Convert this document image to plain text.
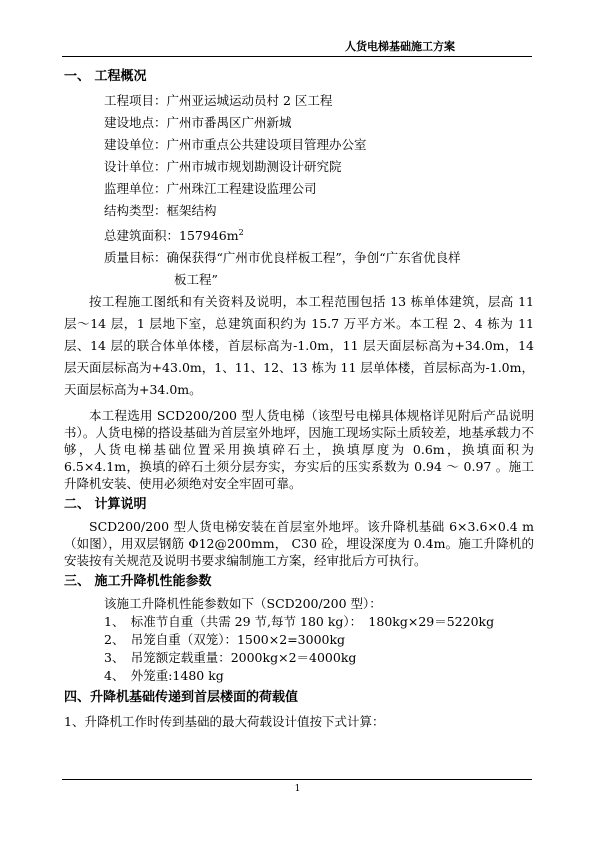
人货电梯基础施工方案
一、 工程概况
工程项目：广州亚运城运动员村 2 区工程
建设地点：广州市番禺区广州新城
建设单位：广州市重点公共建设项目管理办公室
设计单位：广州市城市规划勘测设计研究院
监理单位：广州珠江工程建设监理公司
结构类型：框架结构
总建筑面积：$157946m^2$
质量目标：确保获得“广州市优良样板工程”，争创“广东省优良样
板工程”

按工程施工图纸和有关资料及说明，本工程范围包括 13 栋单体建筑，层高 11 层～14 层，1 层地下室，总建筑面积约为 15.7 万平方米。本工程 2、4 栋为 11 层、14 层的联合体单体楼，首层标高为-1.0m，11 层天面层标高为+34.0m，14 层天面层标高为+43.0m，1、11、12、13 栋为 11 层单体楼，首层标高为-1.0m，天面层标高为+34.0m。

本工程选用 SCD200/200 型人货电梯（该型号电梯具体规格详见附后产品说明书）。人货电梯的搭设基础为首层室外地坪，因施工现场实际土质较差，地基承载力不够，人货电梯基础位置采用换填碎石土，换填厚度为 0.6m，换填面积为 6.5×4.1m，换填的碎石土须分层夯实，夯实后的压实系数为 0.94 ～ 0.97 。施工升降机安装、使用必须绝对安全牢固可靠。

二、 计算说明

SCD200/200 型人货电梯安装在首层室外地坪。该升降机基础 6×3.6×0.4 m（如图），用双层钢筋 Φ12@200mm， C30 砼，埋设深度为 0.4m。施工升降机的安装按有关规范及说明书要求编制施工方案，经审批后方可执行。

三、 施工升降机性能参数
该施工升降机性能参数如下（SCD200/200 型）：
1、　标准节自重（共需 29 节,每节 180 kg）：　180kg×29＝5220kg
2、　吊笼自重（双笼）：1500×2=3000kg
3、　吊笼额定载重量：2000kg×2＝4000kg
4、　外笼重:1480 kg
四、升降机基础传递到首层楼面的荷载值
1、升降机工作时传到基础的最大荷载设计值按下式计算：
1
